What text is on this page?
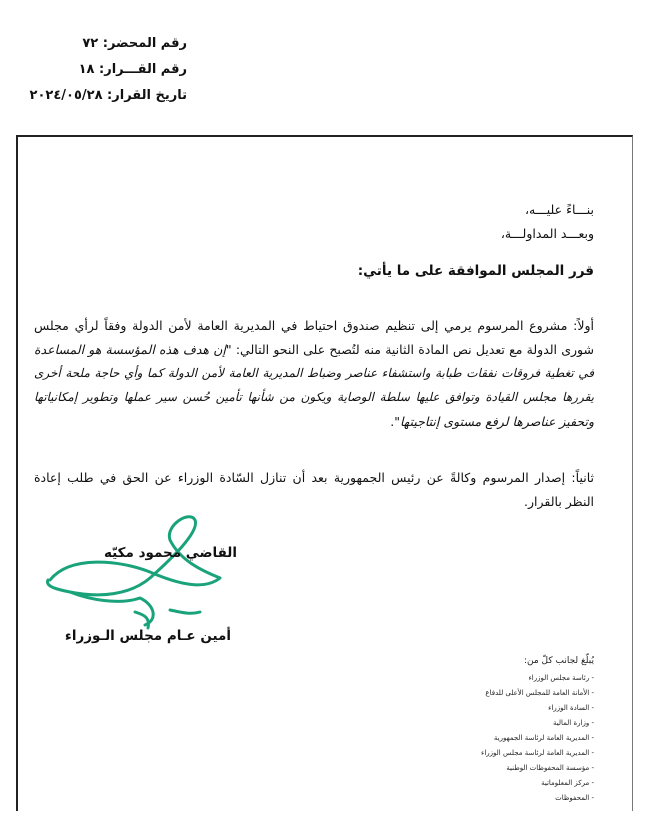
رقم المحضر: ٧٢
رقم القـــرار: ١٨
تاريخ القرار: ٢٠٢٤/٠٥/٢٨
بنـــاءً عليـــه،
وبعـــد المداولـــة،
قرر المجلس الموافقة على ما يأتي:
أولاً: مشروع المرسوم يرمي إلى تنظيم صندوق احتياط في المديرية العامة لأمن الدولة وفقاً لرأي مجلس
شورى الدولة مع تعديل نص المادة الثانية منه لتُصبح على النحو التالي: "إن هدف هذه المؤسسة هو المساعدة
في تغطية فروقات نفقات طبابة واستشفاء عناصر وضباط المديرية العامة لأمن الدولة كما وأي حاجة ملحة أخرى
يقررها مجلس القيادة وتوافق عليها سلطة الوصاية ويكون من شأنها تأمين حُسن سير عملها وتطوير إمكانياتها
وتحفيز عناصرها لرفع مستوى إنتاجيتها".
ثانياً: إصدار المرسوم وكالةً عن رئيس الجمهورية بعد أن تنازل السّادة الوزراء عن الحق في طلب إعادة
النظر بالقرار.
القاضي محمود مكيّه
أمين عـام مجلس الـوزراء
يُبلّغ لجانب كلّ من:
- رئاسة مجلس الوزراء
- الأمانة العامة للمجلس الأعلى للدفاع
- السادة الوزراء
- وزارة المالية
- المديرية العامة لرئاسة الجمهورية
- المديرية العامة لرئاسة مجلس الوزراء
- مؤسسة المحفوظات الوطنية
- مركز المعلوماتية
- المحفوظات
